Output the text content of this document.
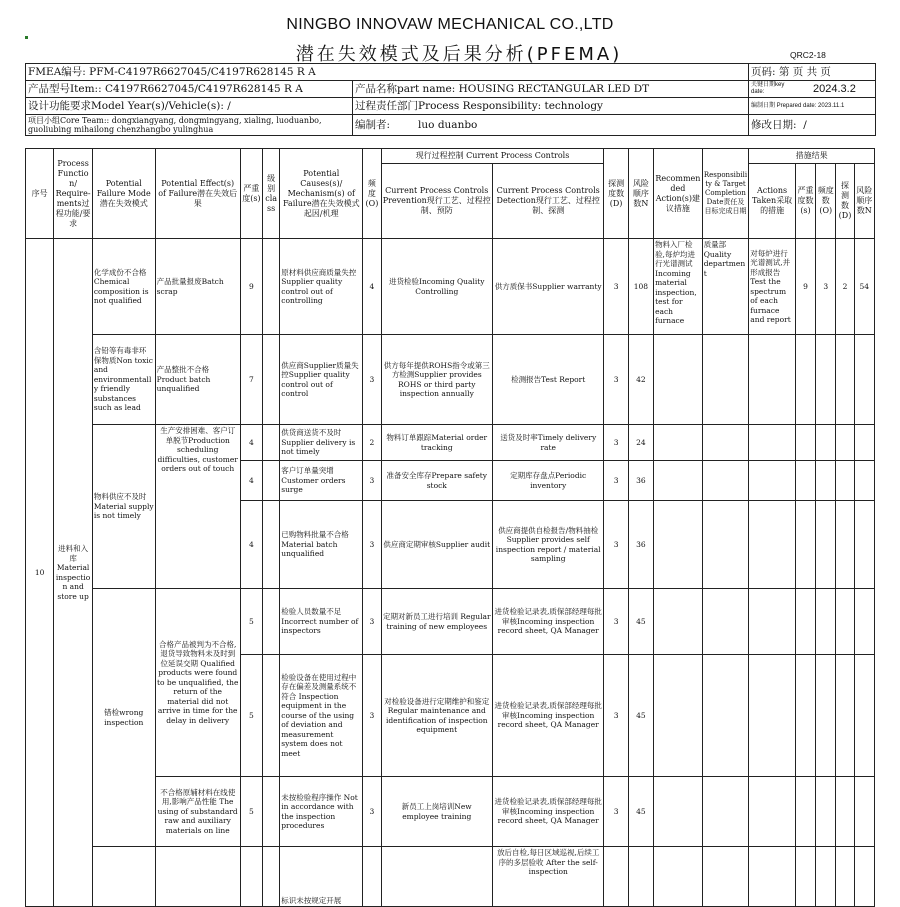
NINGBO INNOVAW MECHANICAL CO.,LTD
潜在失效模式及后果分析(PFEMA)	QRC2-18
FMEA编号: PFM-C4197R6627045/C4197R628145 R A		页码: 第 页 共 页
产品型号Item:: C4197R6627045/C4197R628145 R A	产品名称part name: HOUSING RECTANGULAR LED DT	关键日期key date: 2024.3.2
设计功能要求Model Year(s)/Vehicle(s): /	过程责任部门Process Responsibility: technology	编制日期 Prepared date: 2023.11.1
项目小组Core Team:: dongxiangyang, dongmingyang, xialing, luoduanbo, guoliubing mihailong chenzhangbo yulinghua	编制者: luo duanbo	修改日期: /
序号	Process Function/ Require-ments过程功能/要求	Potential Failure Mode潜在失效模式	Potential Effect(s) of Failure潜在失效后果	严重度(s)	级别 class	Potential Causes(s)/ Mechanism(s) of Failure潜在失效模式起因/机理	频度(O)	现行过程控制 Current Process Controls		探测度数(D)	风险顺序数N	Recommended Action(s)建议措施	Responsibility & Target Completion Date责任及目标完成日期	措施结果				
								Current Process Controls Prevention现行工艺、过程控制、预防	Current Process Controls Detection现行工艺、过程控制、探测					Actions Taken采取的措施	严重度数(s)	频度数(O)	探测数(D)	风险顺序数N
10	进料和入库 Material inspection and store up	化学成份不合格Chemical composition is not qualified	产品批量报废Batch scrap	9		原材料供应商质量失控 Supplier quality control out of controlling	4	进货检验Incoming Quality Controlling	供方质保书Supplier warranty	3	108	物料入厂检验,每炉均进行光谱测试Incoming material inspection, test for each furnace	质量部 Quality department	对每炉进行光谱测试,并形成报告Test the spectrum of each furnace and report	9	3	2	54
		含铅等有毒非环保物质Non toxic and environmentally friendly substances such as lead	产品整批不合格Product batch unqualified	7		供应商Supplier质量失控Supplier quality control out of control	3	供方每年提供ROHS指令或第三方检测Supplier provides ROHS or third party inspection annually	检测报告Test Report	3	42							
		物料供应不及时Material supply is not timely	生产安排困难、客户订单脱节Production scheduling difficulties, customer orders out of touch	4		供货商送货不及时 Supplier delivery is not timely	2	物料订单跟踪Material order tracking	送货及时率Timely delivery rate	3	24							
				4		客户订单量突增 Customer orders surge	3	准备安全库存Prepare safety stock	定期库存盘点Periodic inventory	3	36							
				4		已购物料批量不合格Material batch unqualified	3	供应商定期审核Supplier audit	供应商提供自检报告/物料抽检Supplier provides self inspection report / material sampling	3	36							
		错检wrong inspection	合格产品被判为不合格,退货导致物料未及时到位延误交期 Qualified products were found to be unqualified, the return of the material did not arrive in time for the delay in delivery	5		检验人员数量不足 Incorrect number of inspectors	3	定期对新员工进行培训 Regular training of new employees	进货检验记录表,质保部经理每批审核Incoming inspection record sheet, QA Manager	3	45							
				5		检验设备在使用过程中存在偏差及测量系统不符合 Inspection equipment in the course of the using of deviation and measurement system does not meet	3	对检验设备进行定期维护和鉴定Regular maintenance and identification of inspection equipment	进货检验记录表,质保部经理每批审核Incoming inspection record sheet, QA Manager	3	45							
			不合格原辅材料在线使用,影响产品性能 The using of substandard raw and auxiliary materials on line	5		未按检验程序操作 Not in accordance with the inspection procedures	3	新员工上岗培训New employee training	进货检验记录表,质保部经理每批审核Incoming inspection record sheet, QA Manager	3	45							
						标识未按规定开展			放后自检,每日区域巡视,后续工序的多层验收 After the self-inspection									
